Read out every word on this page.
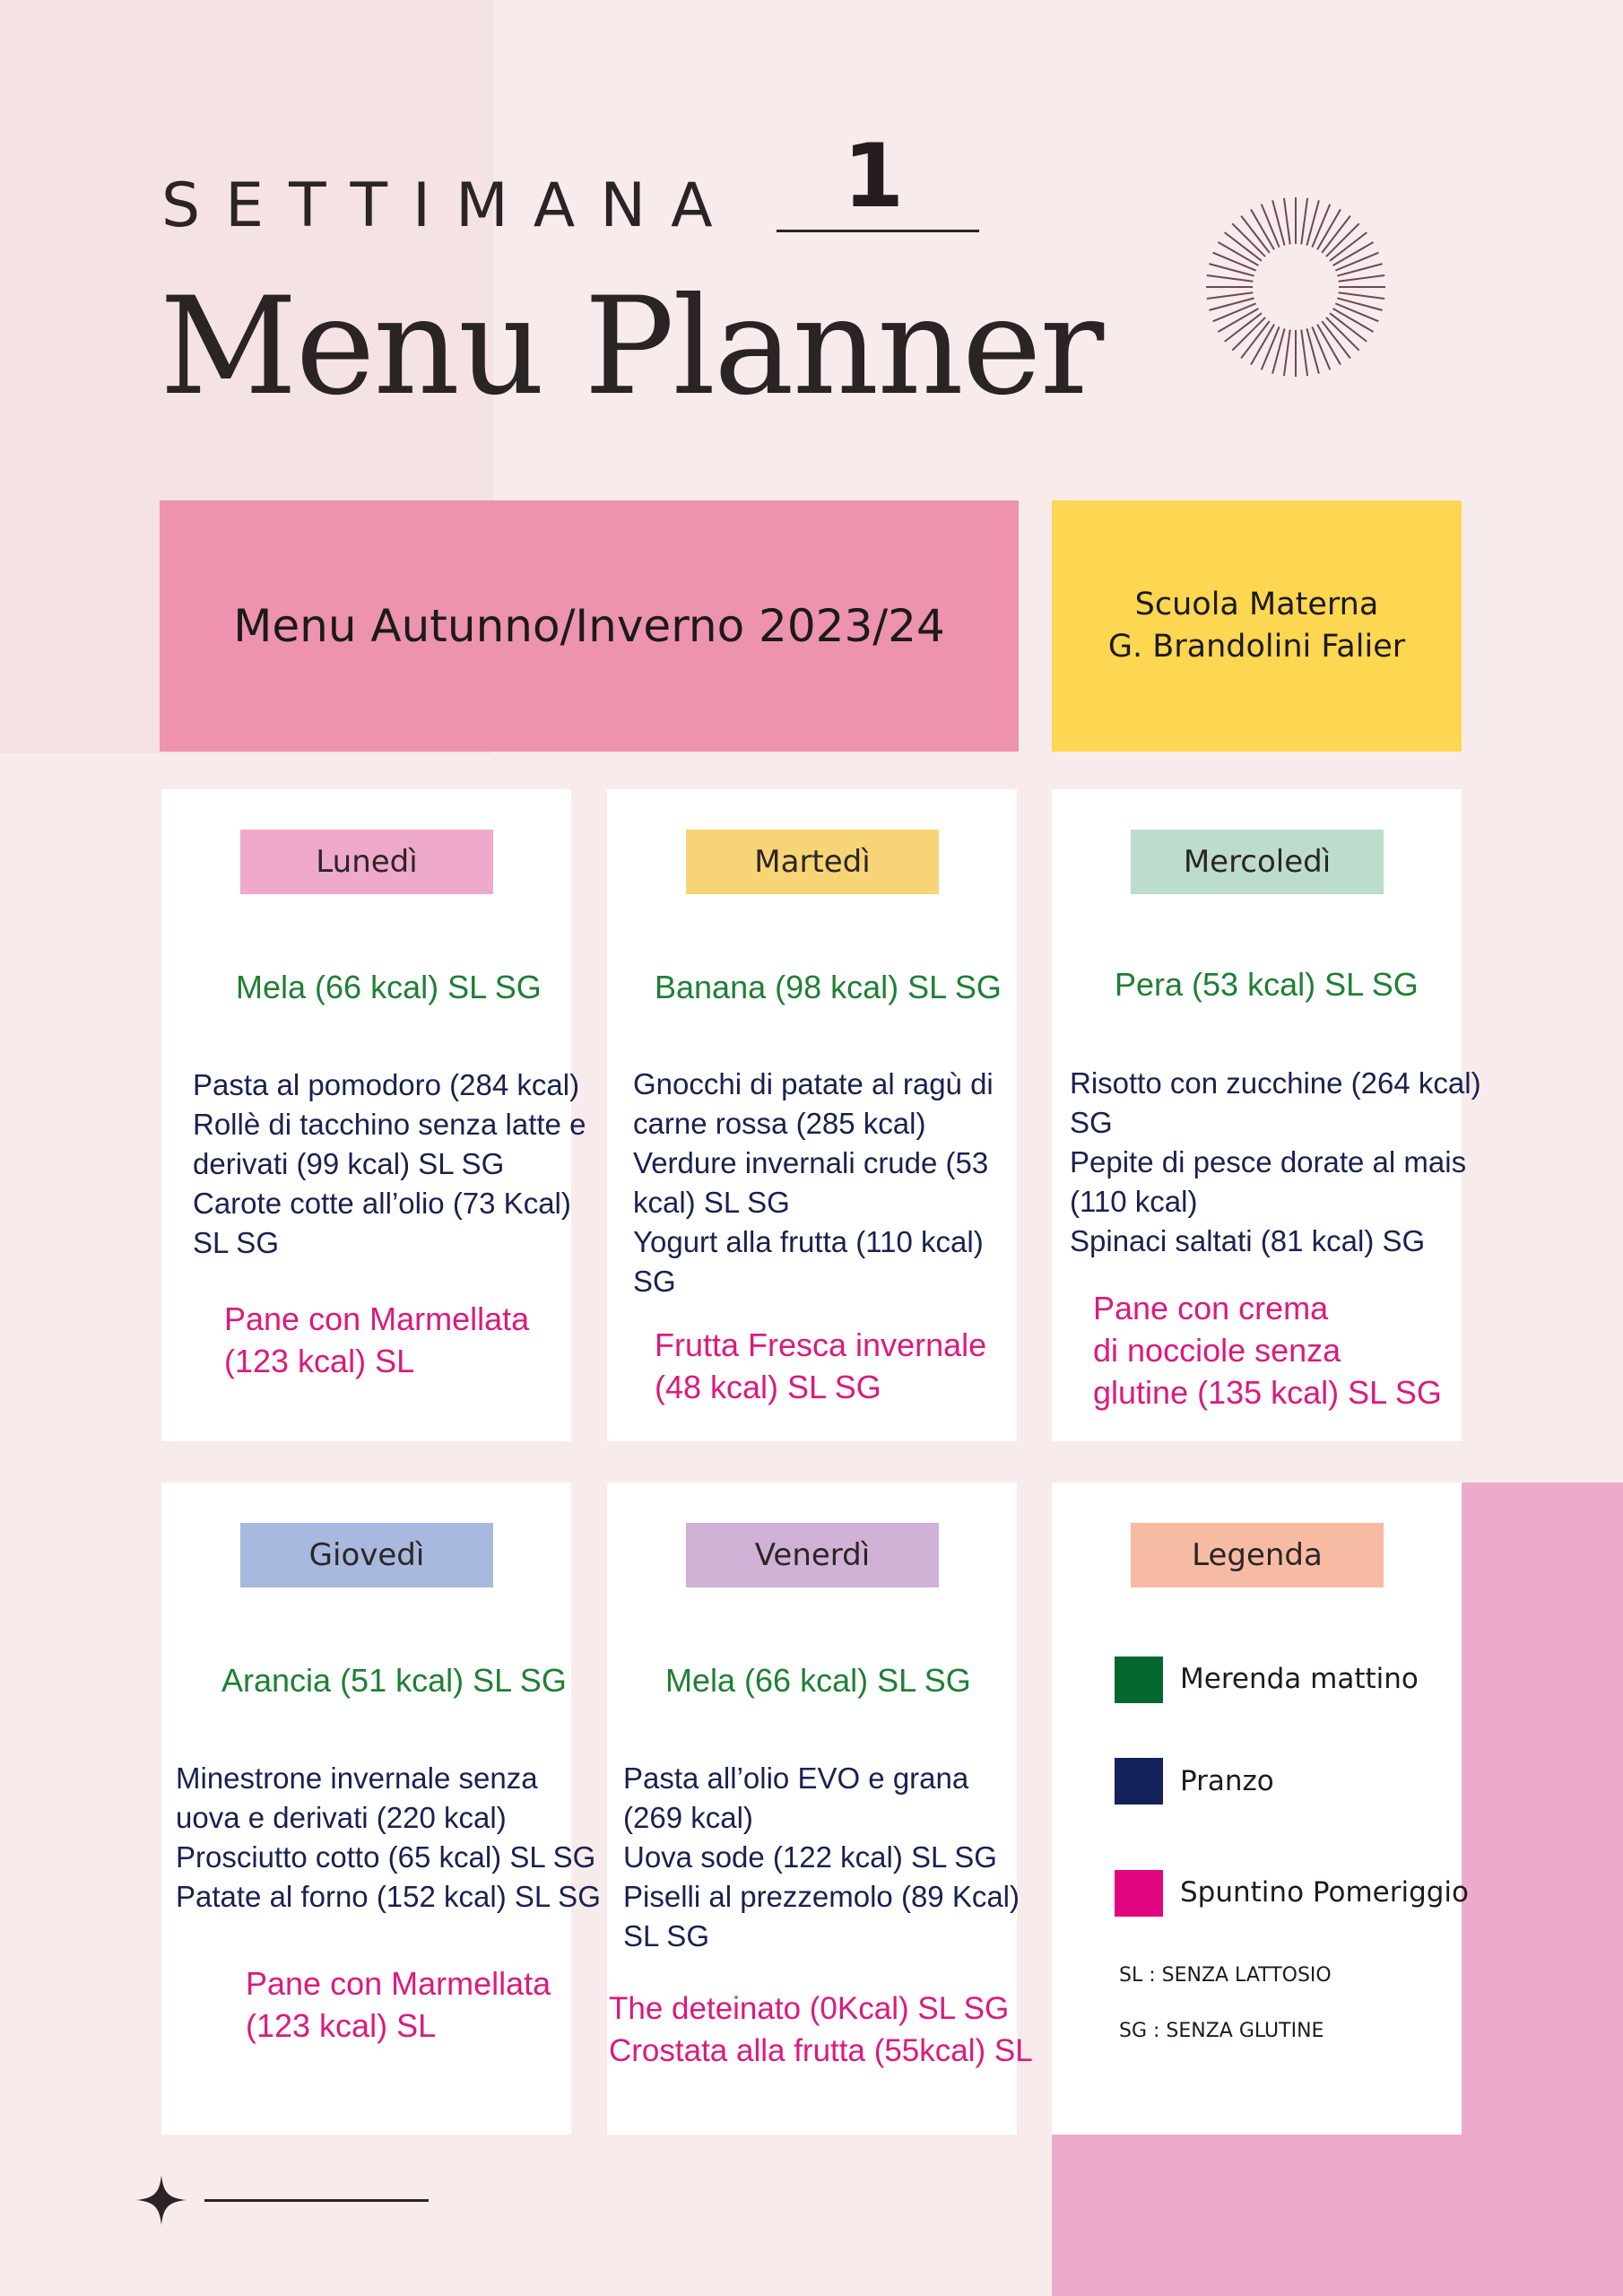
SETTIMANA 1
Menu Planner
Menu Autunno/Inverno 2023/24	Scuola Materna
G. Brandolini Falier
Lunedì
Mela (66 kcal) SL SG
Pasta al pomodoro (284 kcal)
Rollè di tacchino senza latte e
derivati (99 kcal) SL SG
Carote cotte all’olio (73 Kcal)
SL SG
Pane con Marmellata
(123 kcal) SL
Martedì
Banana (98 kcal) SL SG
Gnocchi di patate al ragù di
carne rossa (285 kcal)
Verdure invernali crude (53
kcal) SL SG
Yogurt alla frutta (110 kcal)
SG
Frutta Fresca invernale
(48 kcal) SL SG
Mercoledì
Pera (53 kcal) SL SG
Risotto con zucchine (264 kcal)
SG
Pepite di pesce dorate al mais
(110 kcal)
Spinaci saltati (81 kcal) SG
Pane con crema
di nocciole senza
glutine (135 kcal) SL SG
Giovedì
Arancia (51 kcal) SL SG
Minestrone invernale senza
uova e derivati (220 kcal)
Prosciutto cotto (65 kcal) SL SG
Patate al forno (152 kcal) SL SG
Pane con Marmellata
(123 kcal) SL
Venerdì
Mela (66 kcal) SL SG
Pasta all’olio EVO e grana
(269 kcal)
Uova sode (122 kcal) SL SG
Piselli al prezzemolo (89 Kcal)
SL SG
The deteinato (0Kcal) SL SG
Crostata alla frutta (55kcal) SL
Legenda
Merenda mattino
Pranzo
Spuntino Pomeriggio
SL : SENZA LATTOSIO
SG : SENZA GLUTINE
